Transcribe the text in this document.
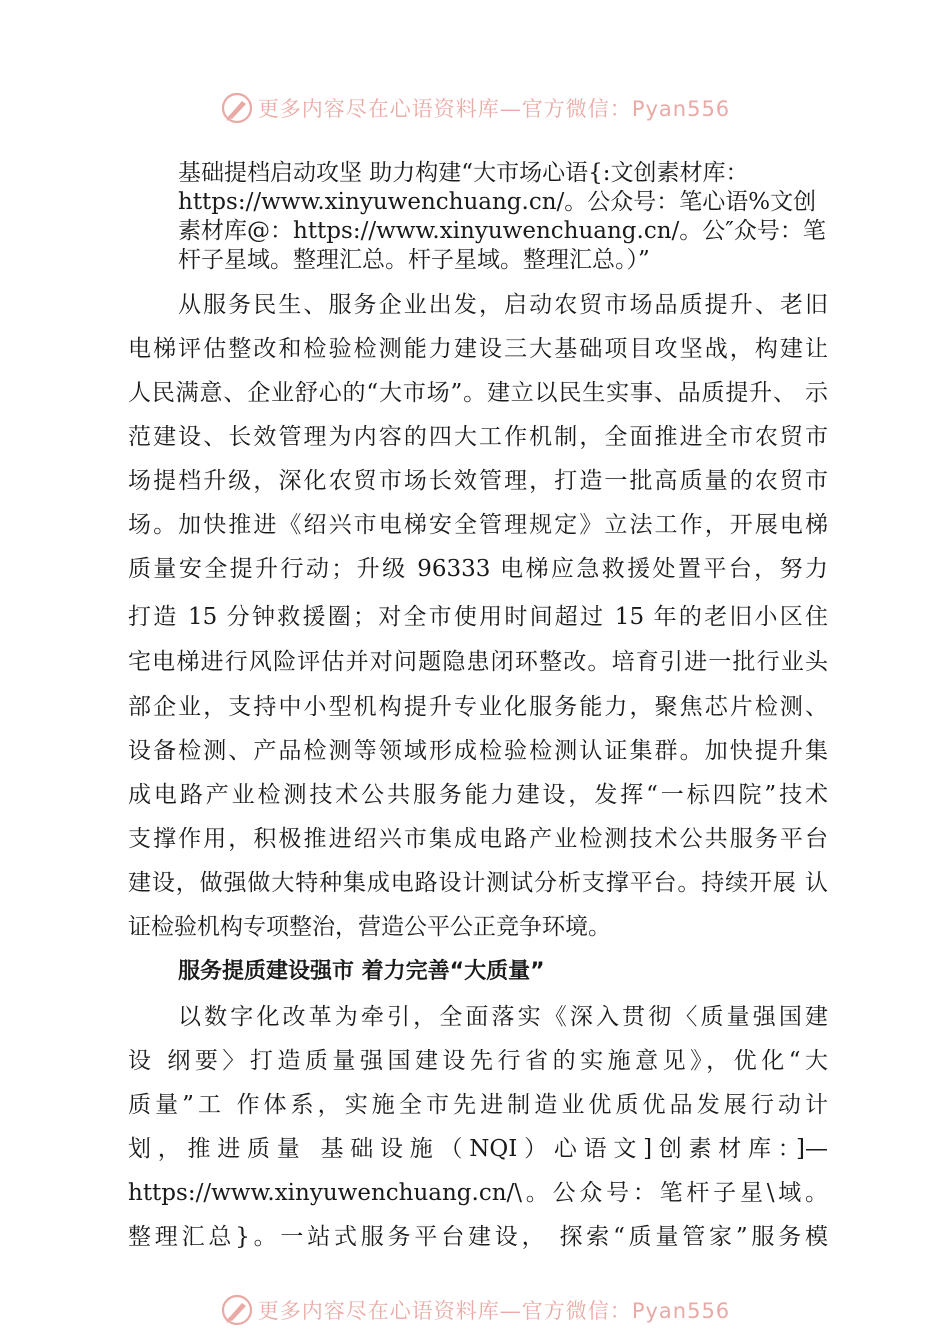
更多内容尽在心语资料库—官方微信：Pyan556
基础提档启动攻坚 助力构建“大市场心语{:文创素材库：
https://www.xinyuwenchuang.cn/。公众号：笔心语%文创
素材库@：https://www.xinyuwenchuang.cn/。公″众号：笔
杆子星域。整理汇总。杆子星域。整理汇总。）”
从服务民生、服务企业出发，启动农贸市场品质提升、老旧
电梯评估整改和检验检测能力建设三大基础项目攻坚战，构建让
人民满意、企业舒心的“大市场”。建立以民生实事、品质提升、 示
范建设、长效管理为内容的四大工作机制，全面推进全市农贸市
场提档升级，深化农贸市场长效管理，打造一批高质量的农贸市
场。加快推进《绍兴市电梯安全管理规定》立法工作，开展电梯
质量安全提升行动；升级 96333 电梯应急救援处置平台，努力
打造 15 分钟救援圈；对全市使用时间超过 15 年的老旧小区住
宅电梯进行风险评估并对问题隐患闭环整改。培育引进一批行业头
部企业，支持中小型机构提升专业化服务能力，聚焦芯片检测、
设备检测、产品检测等领域形成检验检测认证集群。加快提升集
成电路产业检测技术公共服务能力建设，发挥“一标四院”技术
支撑作用，积极推进绍兴市集成电路产业检测技术公共服务平台
建设，做强做大特种集成电路设计测试分析支撑平台。持续开展 认
证检验机构专项整治，营造公平公正竞争环境。
服务提质建设强市 着力完善“大质量”
以数字化改革为牵引，全面落实《深入贯彻〈质量强国建
设 纲要〉打造质量强国建设先行省的实施意见》，优化“大
质量”工 作体系，实施全市先进制造业优质优品发展行动计
划，推进质量 基础设施（NQI）心语文]创素材库：]—
https://www.xinyuwenchuang.cn/\。公众号：笔杆子星\域。
整理汇总}。一站式服务平台建设， 探索“质量管家”服务模
更多内容尽在心语资料库—官方微信：Pyan556
